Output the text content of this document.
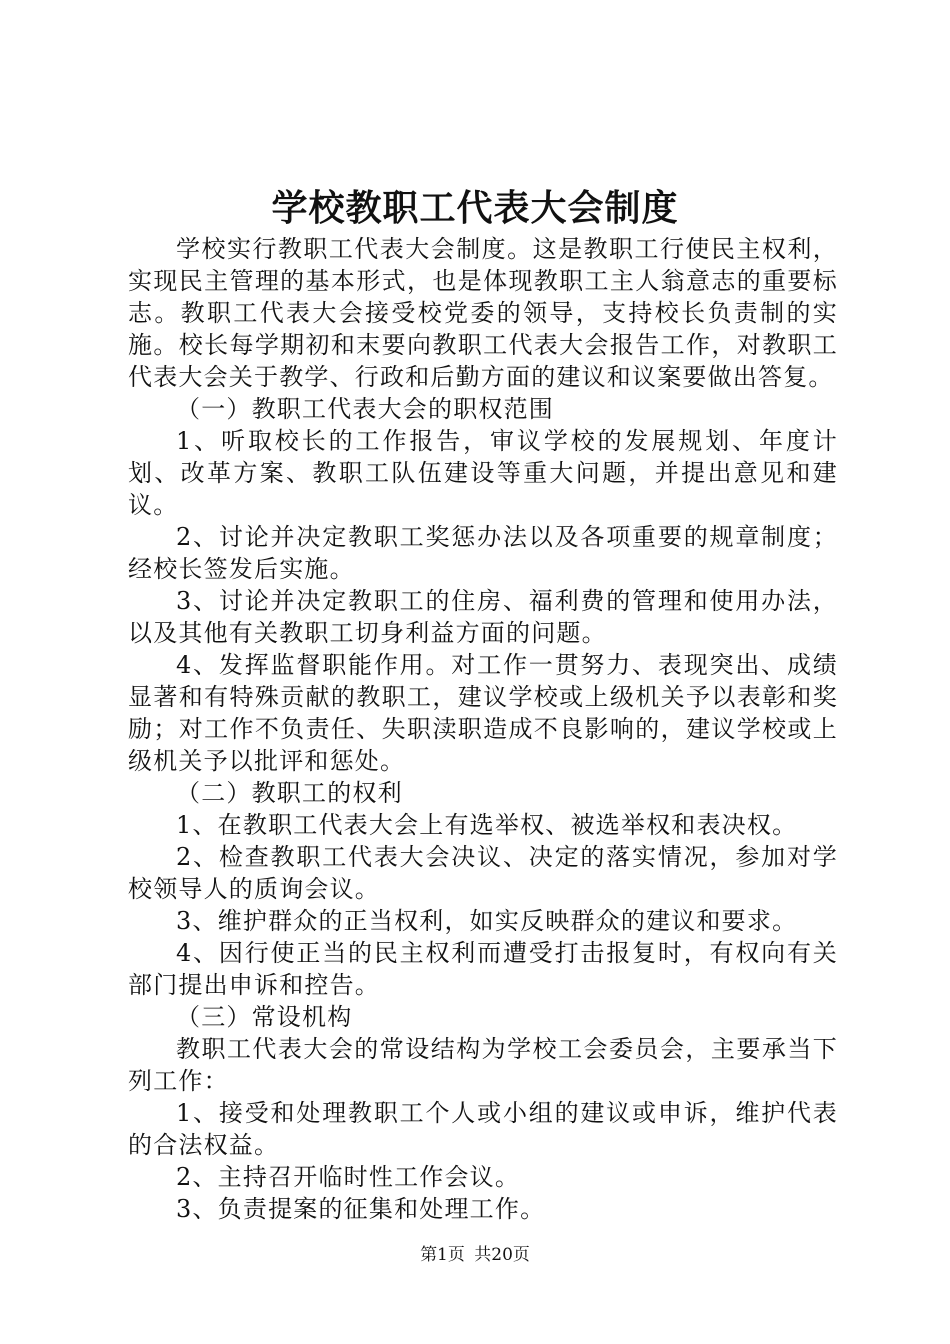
学校教职工代表大会制度

学校实行教职工代表大会制度。这是教职工行使民主权利，实现民主管理的基本形式，也是体现教职工主人翁意志的重要标志。教职工代表大会接受校党委的领导，支持校长负责制的实施。校长每学期初和末要向教职工代表大会报告工作，对教职工代表大会关于教学、行政和后勤方面的建议和议案要做出答复。

（一）教职工代表大会的职权范围

1、听取校长的工作报告，审议学校的发展规划、年度计划、改革方案、教职工队伍建设等重大问题，并提出意见和建议。

2、讨论并决定教职工奖惩办法以及各项重要的规章制度；经校长签发后实施。

3、讨论并决定教职工的住房、福利费的管理和使用办法，以及其他有关教职工切身利益方面的问题。

4、发挥监督职能作用。对工作一贯努力、表现突出、成绩显著和有特殊贡献的教职工，建议学校或上级机关予以表彰和奖励；对工作不负责任、失职渎职造成不良影响的，建议学校或上级机关予以批评和惩处。

（二）教职工的权利

1、在教职工代表大会上有选举权、被选举权和表决权。

2、检查教职工代表大会决议、决定的落实情况，参加对学校领导人的质询会议。

3、维护群众的正当权利，如实反映群众的建议和要求。

4、因行使正当的民主权利而遭受打击报复时，有权向有关部门提出申诉和控告。

（三）常设机构

教职工代表大会的常设结构为学校工会委员会，主要承当下列工作：

1、接受和处理教职工个人或小组的建议或申诉，维护代表的合法权益。

2、主持召开临时性工作会议。

3、负责提案的征集和处理工作。

第1页 共20页
